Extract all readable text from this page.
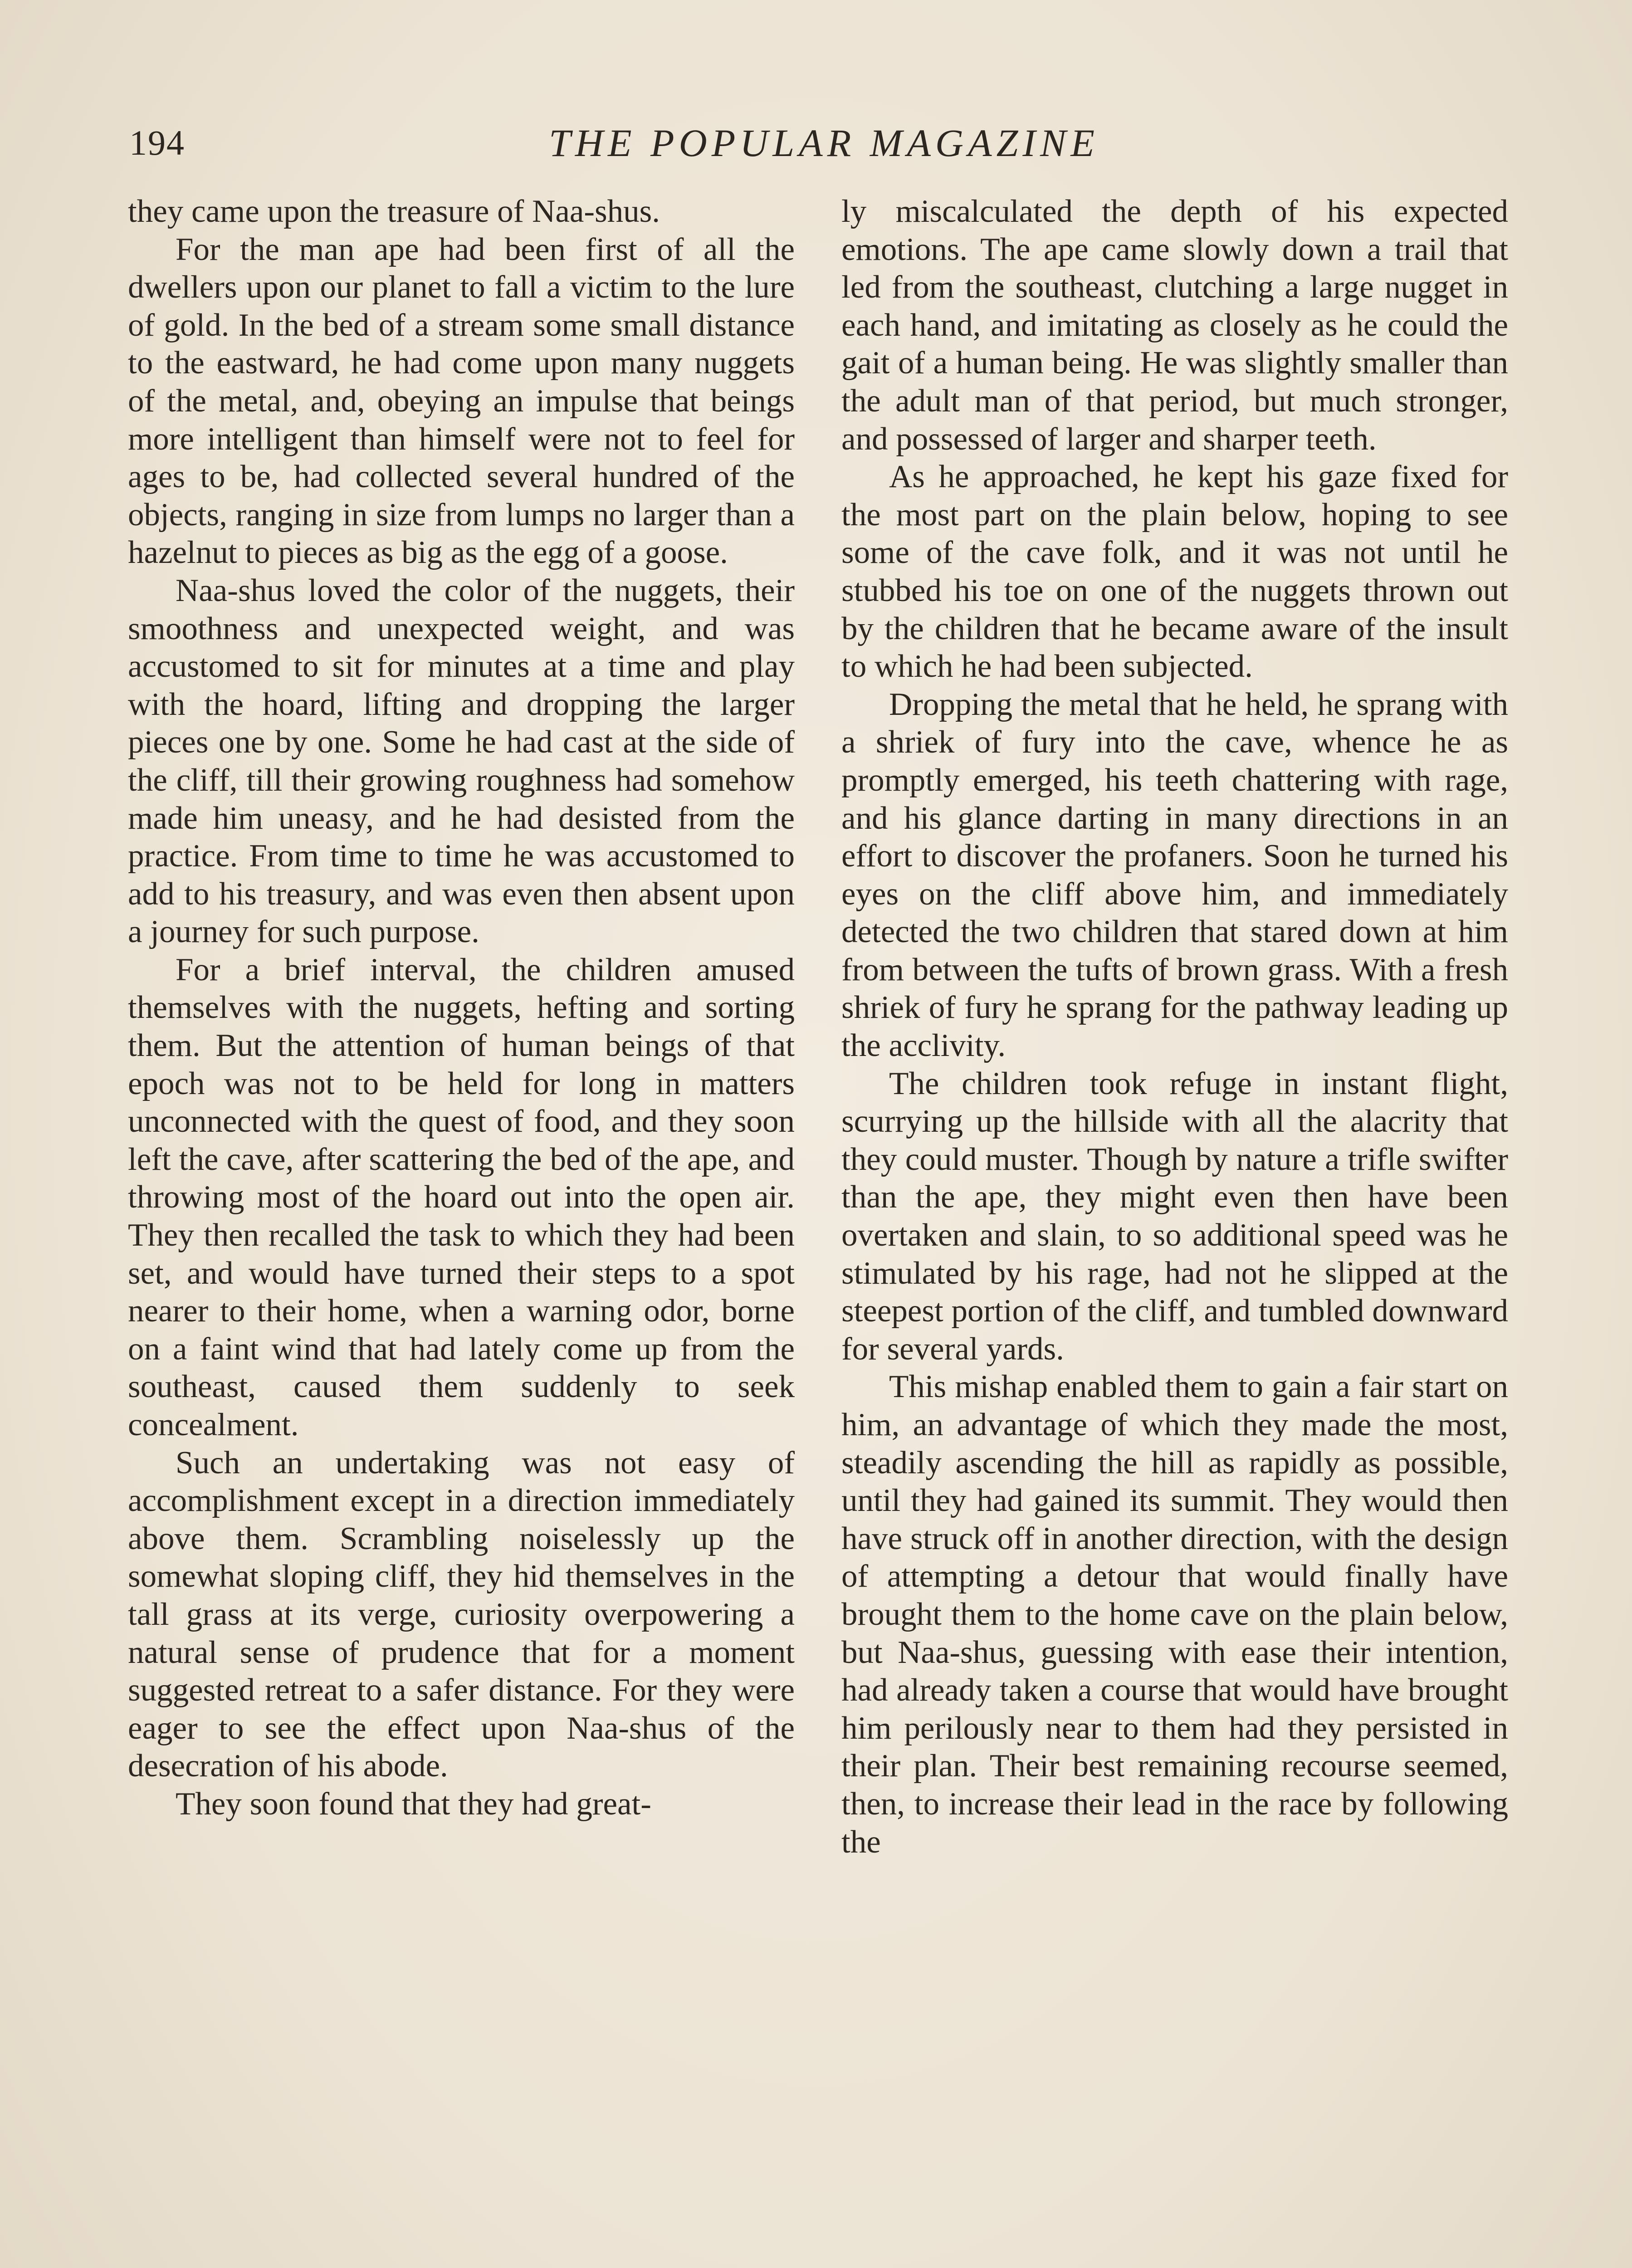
194	THE POPULAR MAGAZINE

they came upon the treasure of Naa-shus.

For the man ape had been first of all the dwellers upon our planet to fall a victim to the lure of gold. In the bed of a stream some small distance to the eastward, he had come upon many nuggets of the metal, and, obeying an impulse that beings more intelligent than himself were not to feel for ages to be, had collected several hundred of the objects, ranging in size from lumps no larger than a hazelnut to pieces as big as the egg of a goose.

Naa-shus loved the color of the nuggets, their smoothness and unexpected weight, and was accustomed to sit for minutes at a time and play with the hoard, lifting and dropping the larger pieces one by one. Some he had cast at the side of the cliff, till their growing roughness had somehow made him uneasy, and he had desisted from the practice. From time to time he was accustomed to add to his treasury, and was even then absent upon a journey for such purpose.

For a brief interval, the children amused themselves with the nuggets, hefting and sorting them. But the attention of human beings of that epoch was not to be held for long in matters unconnected with the quest of food, and they soon left the cave, after scattering the bed of the ape, and throwing most of the hoard out into the open air. They then recalled the task to which they had been set, and would have turned their steps to a spot nearer to their home, when a warning odor, borne on a faint wind that had lately come up from the southeast, caused them suddenly to seek concealment.

Such an undertaking was not easy of accomplishment except in a direction immediately above them. Scrambling noiselessly up the somewhat sloping cliff, they hid themselves in the tall grass at its verge, curiosity overpowering a natural sense of prudence that for a moment suggested retreat to a safer distance. For they were eager to see the effect upon Naa-shus of the desecration of his abode.

They soon found that they had great-

ly miscalculated the depth of his expected emotions. The ape came slowly down a trail that led from the southeast, clutching a large nugget in each hand, and imitating as closely as he could the gait of a human being. He was slightly smaller than the adult man of that period, but much stronger, and possessed of larger and sharper teeth.

As he approached, he kept his gaze fixed for the most part on the plain below, hoping to see some of the cave folk, and it was not until he stubbed his toe on one of the nuggets thrown out by the children that he became aware of the insult to which he had been subjected.

Dropping the metal that he held, he sprang with a shriek of fury into the cave, whence he as promptly emerged, his teeth chattering with rage, and his glance darting in many directions in an effort to discover the profaners. Soon he turned his eyes on the cliff above him, and immediately detected the two children that stared down at him from between the tufts of brown grass. With a fresh shriek of fury he sprang for the pathway leading up the acclivity.

The children took refuge in instant flight, scurrying up the hillside with all the alacrity that they could muster. Though by nature a trifle swifter than the ape, they might even then have been overtaken and slain, to so additional speed was he stimulated by his rage, had not he slipped at the steepest portion of the cliff, and tumbled downward for several yards.

This mishap enabled them to gain a fair start on him, an advantage of which they made the most, steadily ascending the hill as rapidly as possible, until they had gained its summit. They would then have struck off in another direction, with the design of attempting a detour that would finally have brought them to the home cave on the plain below, but Naa-shus, guessing with ease their intention, had already taken a course that would have brought him perilously near to them had they persisted in their plan. Their best remaining recourse seemed, then, to increase their lead in the race by following the
